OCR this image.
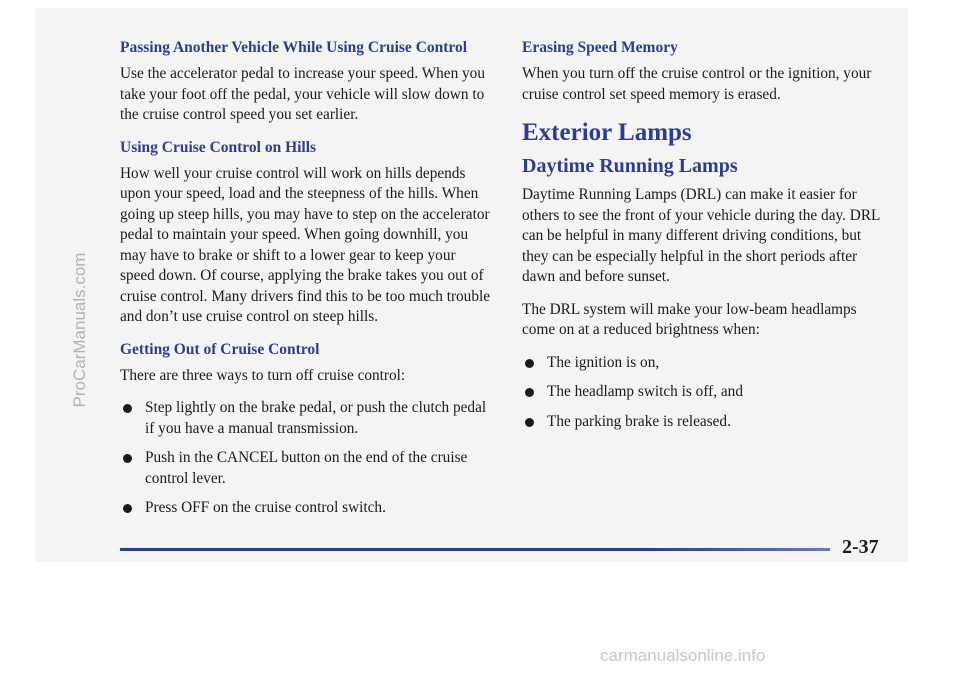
ProCarManuals.com
Passing Another Vehicle While Using Cruise Control

Use the accelerator pedal to increase your speed. When you take your foot off the pedal, your vehicle will slow down to the cruise control speed you set earlier.

Using Cruise Control on Hills

How well your cruise control will work on hills depends upon your speed, load and the steepness of the hills. When going up steep hills, you may have to step on the accelerator pedal to maintain your speed. When going downhill, you may have to brake or shift to a lower gear to keep your speed down. Of course, applying the brake takes you out of cruise control. Many drivers find this to be too much trouble and don’t use cruise control on steep hills.

Getting Out of Cruise Control

There are three ways to turn off cruise control:

Step lightly on the brake pedal, or push the clutch pedal if you have a manual transmission.
Push in the CANCEL button on the end of the cruise control lever.
Press OFF on the cruise control switch.
Erasing Speed Memory

When you turn off the cruise control or the ignition, your cruise control set speed memory is erased.

Exterior Lamps
Daytime Running Lamps

Daytime Running Lamps (DRL) can make it easier for others to see the front of your vehicle during the day. DRL can be helpful in many different driving conditions, but they can be especially helpful in the short periods after dawn and before sunset.

The DRL system will make your low-beam headlamps come on at a reduced brightness when:

The ignition is on,
The headlamp switch is off, and
The parking brake is released.
2-37
carmanualsonline.info
